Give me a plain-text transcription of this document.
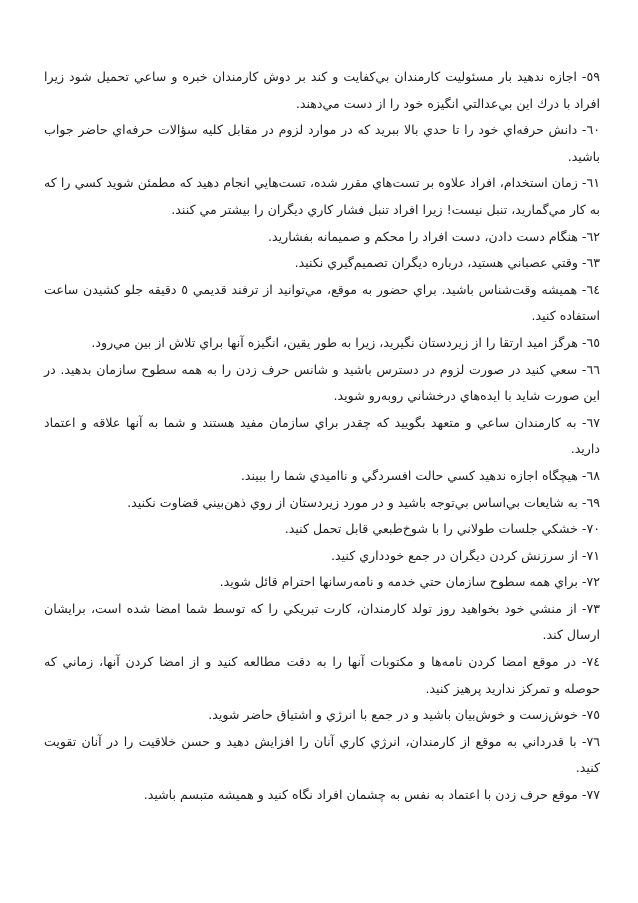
٥٩- اجازه ندهيد بار مسئوليت كارمندان بي‌كفايت و كند بر دوش كارمندان خبره و ساعي تحميل شود زيرا افراد با درك اين بي‌عدالتي انگيزه خود را از دست مي‌دهند.

٦٠- دانش حرفه‌اي خود را تا حدي بالا ببريد كه در موارد لزوم در مقابل كليه سؤالات حرفه‌اي حاضر جواب باشيد.

٦١- زمان استخدام، افراد علاوه بر تست‌هاي مقرر شده، تست‌هايي انجام دهيد كه مطمئن شويد كسي را كه به كار مي‌گماريد، تنبل نيست! زيرا افراد تنبل فشار كاري ديگران را بيشتر مي كنند.

٦٢- هنگام دست دادن، دست افراد را محكم و صميمانه بفشاريد.

٦٣- وقتي عصباني هستيد، درباره ديگران تصميم‌گيري نكنيد.

٦٤- هميشه وقت‌شناس باشيد. براي حضور به موقع، مي‌توانيد از ترفند قديمي ٥ دقيقه جلو كشيدن ساعت استفاده كنيد.

٦٥- هرگز اميد ارتقا را از زيردستان نگيريد، زيرا به طور يقين، انگيزه آنها براي تلاش از بين مي‌رود.

٦٦- سعي كنيد در صورت لزوم در دسترس باشيد و شانس حرف زدن را به همه سطوح سازمان بدهيد. در اين صورت شايد با ايده‌هاي درخشاني روبه‌رو شويد.

٦٧- به كارمندان ساعي و متعهد بگوييد كه چقدر براي سازمان مفيد هستند و شما به آنها علاقه و اعتماد داريد.

٦٨- هيچگاه اجازه ندهيد كسي حالت افسردگي و نااميدي شما را ببيند.

٦٩- به شايعات بي‌اساس بي‌توجه باشيد و در مورد زيردستان از روي ذهن‌بيني قضاوت نكنيد.

٧٠- خشكي جلسات طولاني را با شوخ‌طبعي قابل تحمل كنيد.

٧١- از سرزنش كردن ديگران در جمع خودداري كنيد.

٧٢- براي همه سطوح سازمان حتي خدمه و نامه‌رسانها احترام قائل شويد.

٧٣- از منشي خود بخواهيد روز تولد كارمندان، كارت تبريكي را كه توسط شما امضا شده است، برايشان ارسال كند.

٧٤- در موقع امضا كردن نامه‌ها و مكتوبات آنها را به دقت مطالعه كنيد و از امضا كردن آنها، زماني كه حوصله و تمركز نداريد پرهيز كنيد.

٧٥- خوش‌زست و خوش‌بيان باشيد و در جمع با انرژي و اشتياق حاضر شويد.

٧٦- با قدرداني به موقع از كارمندان، انرژي كاري آنان را افزايش دهيد و حسن خلاقيت را در آنان تقويت كنيد.

٧٧- موقع حرف زدن با اعتماد به نفس به چشمان افراد نگاه كنيد و هميشه متبسم باشيد.
